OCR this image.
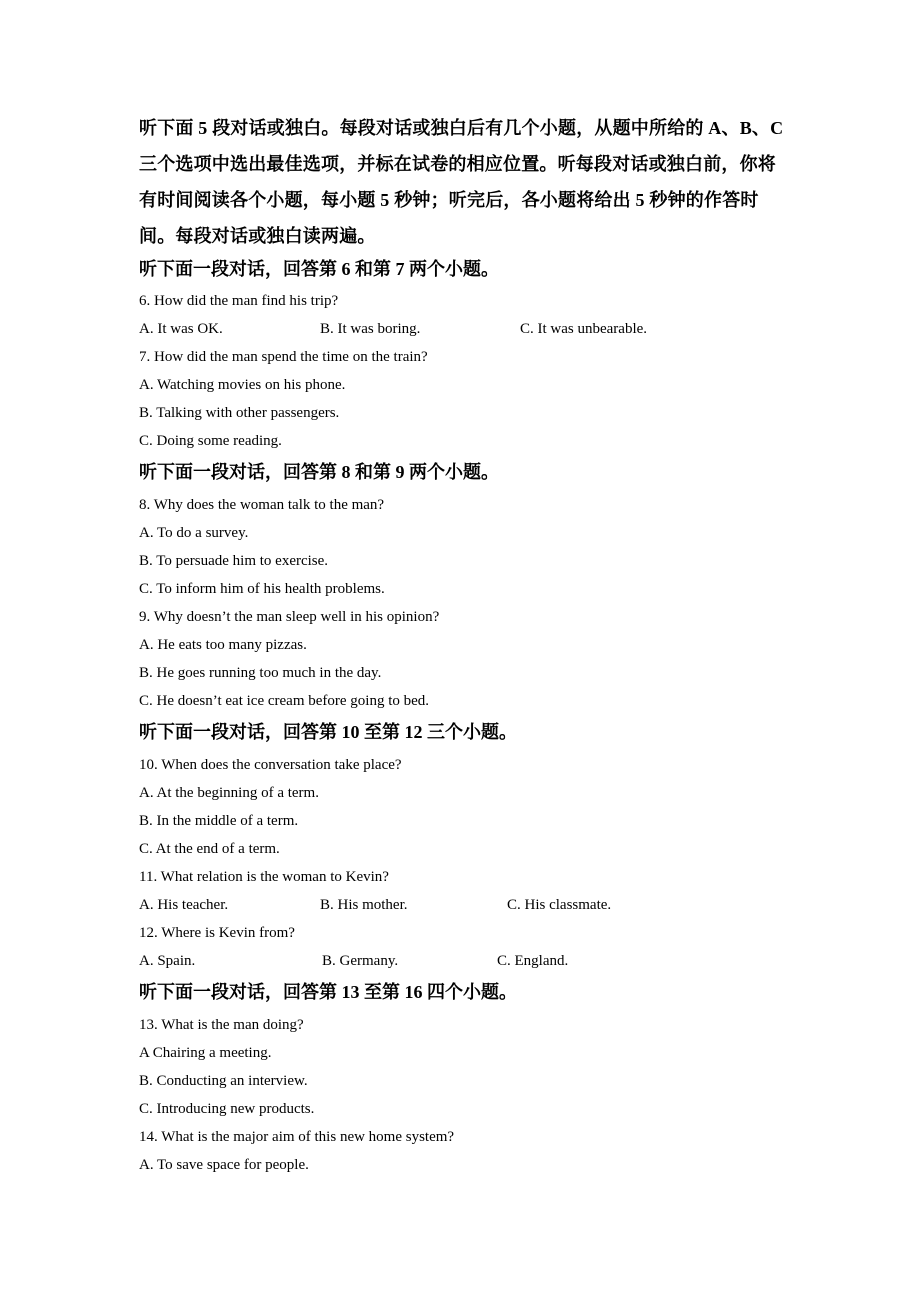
听下面 5 段对话或独白。每段对话或独白后有几个小题，从题中所给的 A、B、C

三个选项中选出最佳选项，并标在试卷的相应位置。听每段对话或独白前，你将

有时间阅读各个小题，每小题 5 秒钟；听完后，各小题将给出 5 秒钟的作答时

间。每段对话或独白读两遍。

听下面一段对话，回答第 6 和第 7 两个小题。
6. How did the man find his trip?
A. It was OK.	B. It was boring.	C. It was unbearable.
7. How did the man spend the time on the train?
A. Watching movies on his phone.
B. Talking with other passengers.
C. Doing some reading.
听下面一段对话，回答第 8 和第 9 两个小题。
8. Why does the woman talk to the man?
A. To do a survey.
B. To persuade him to exercise.
C. To inform him of his health problems.
9. Why doesn’t the man sleep well in his opinion?
A. He eats too many pizzas.
B. He goes running too much in the day.
C. He doesn’t eat ice cream before going to bed.
听下面一段对话，回答第 10 至第 12 三个小题。
10. When does the conversation take place?
A. At the beginning of a term.
B. In the middle of a term.
C. At the end of a term.
11. What relation is the woman to Kevin?
A. His teacher.	B. His mother.	C. His classmate.
12. Where is Kevin from?
A. Spain.	B. Germany.	C. England.
听下面一段对话，回答第 13 至第 16 四个小题。
13. What is the man doing?
A Chairing a meeting.
B. Conducting an interview.
C. Introducing new products.
14. What is the major aim of this new home system?
A. To save space for people.
